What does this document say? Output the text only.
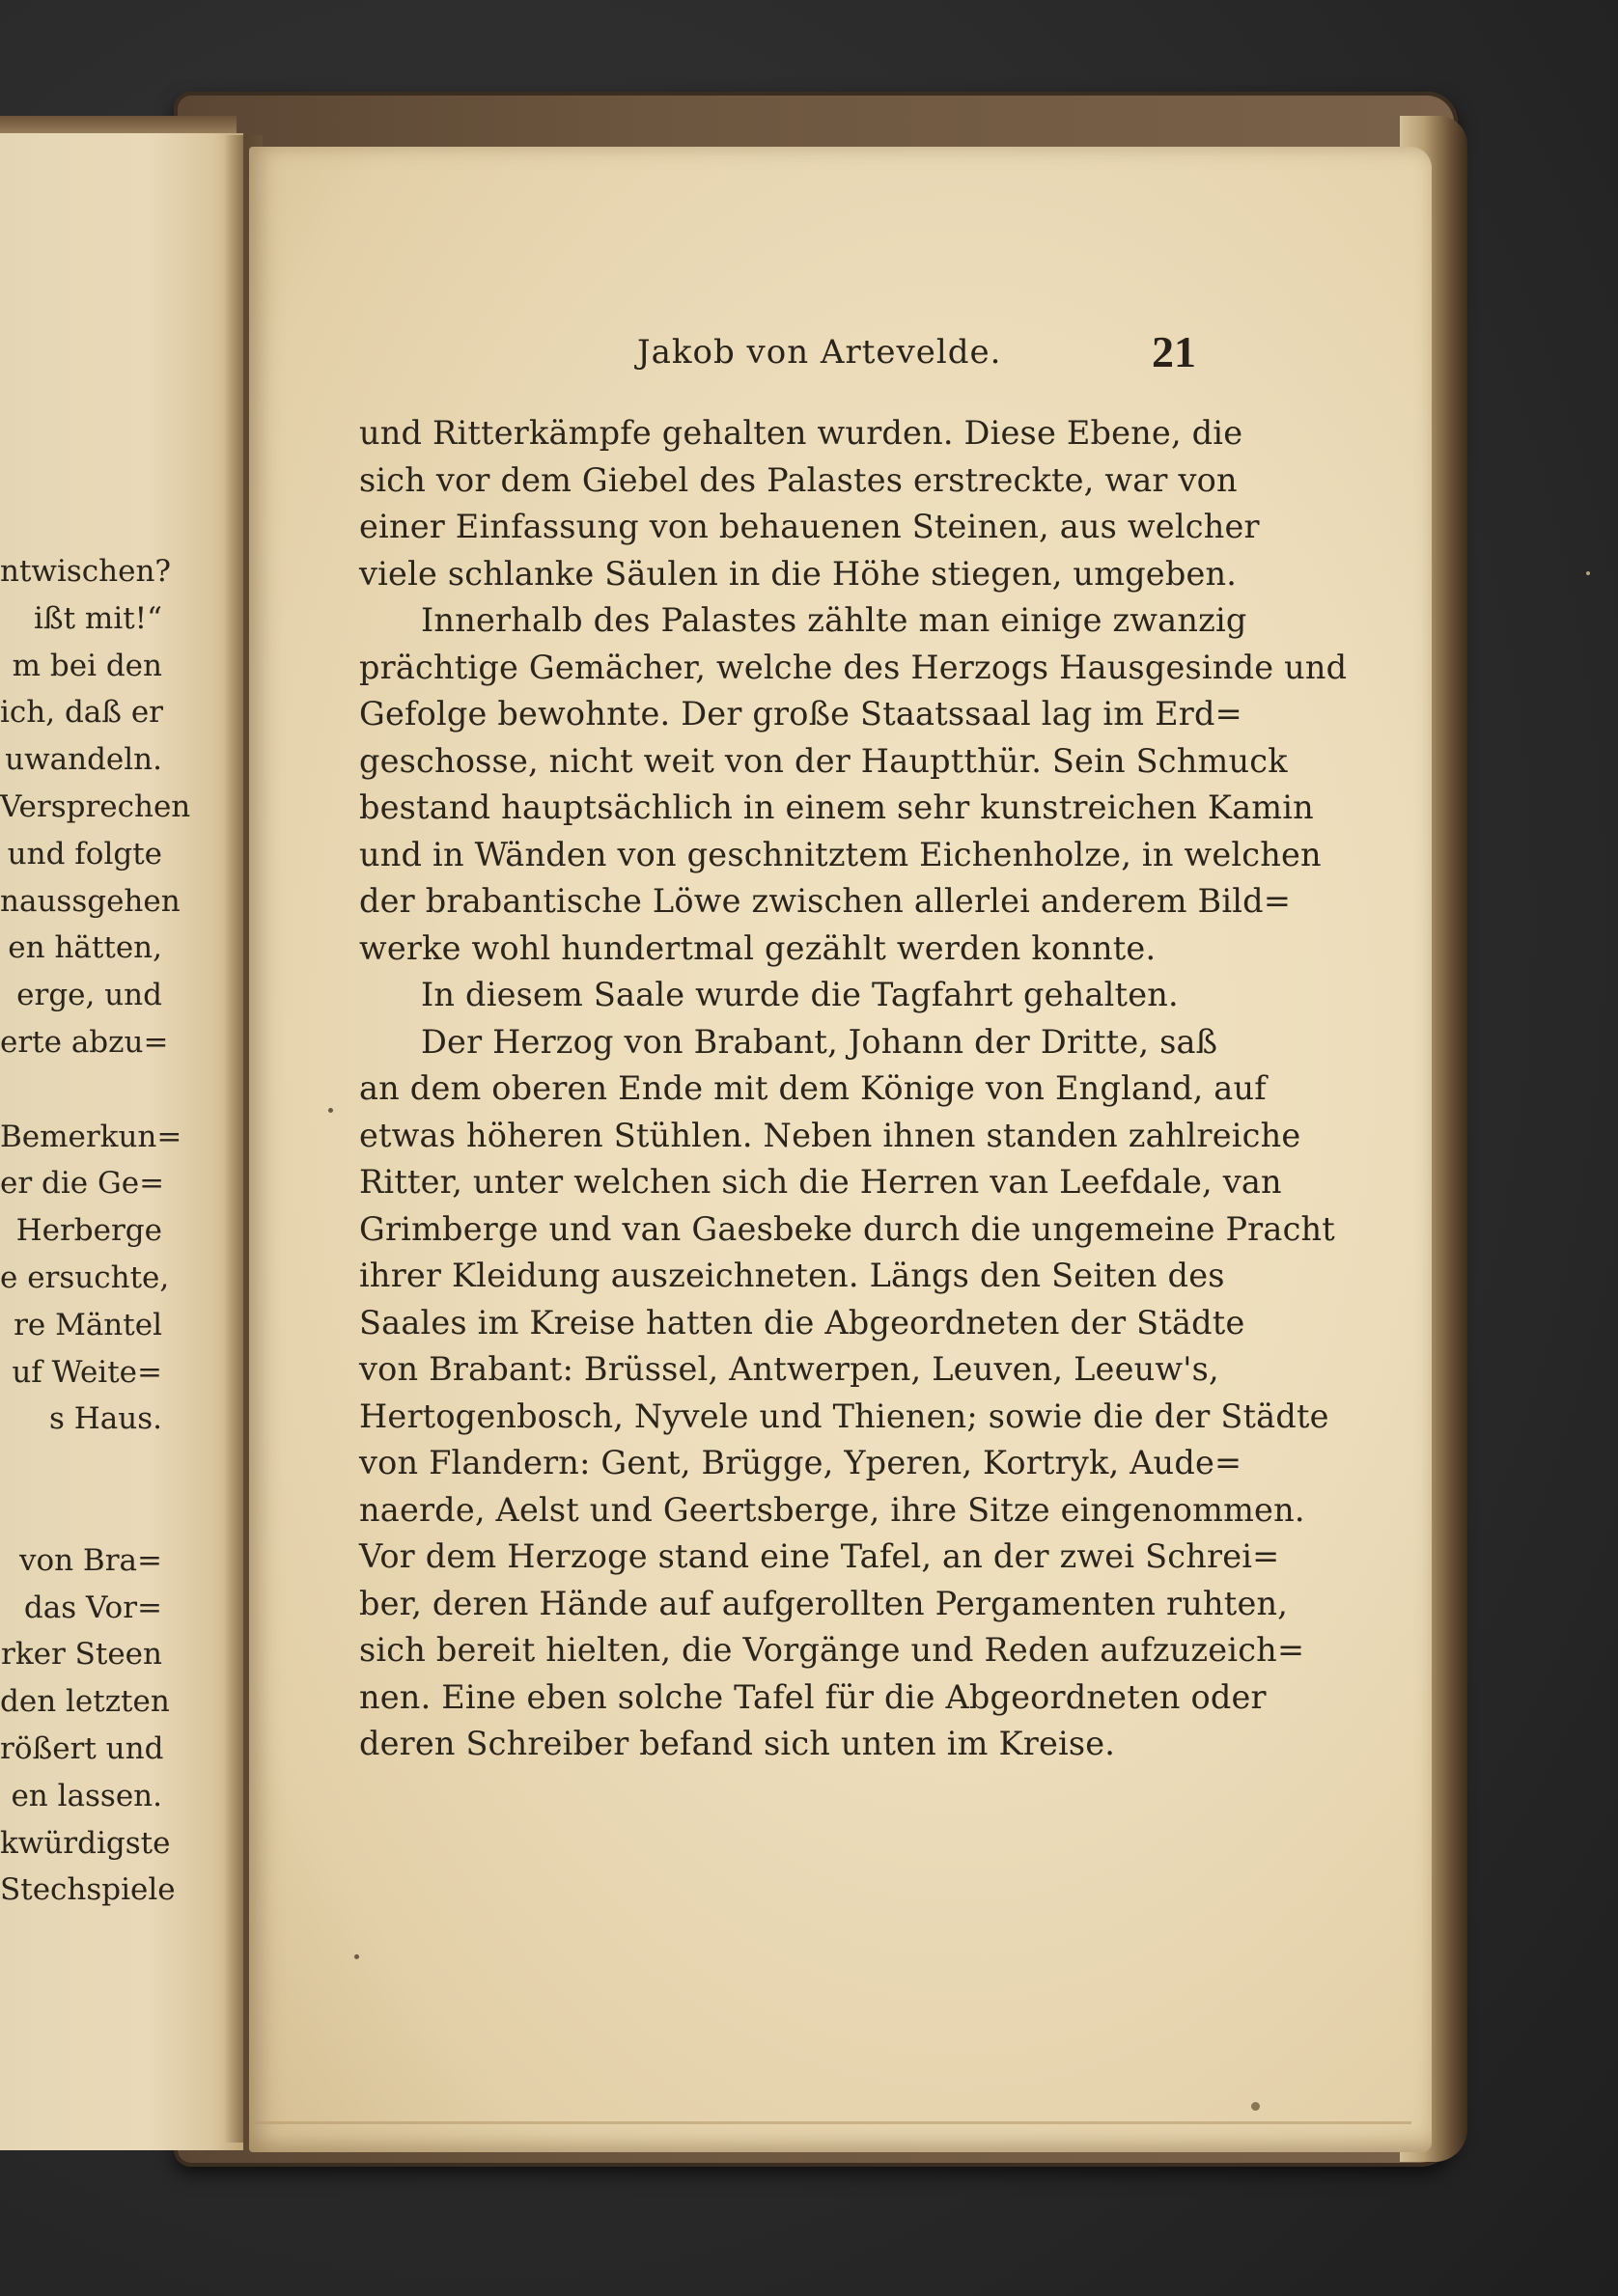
ntwischen?
ißt mit!“
m bei den
ich, daß er
uwandeln.
Versprechen
und folgte
naussgehen
en hätten,
erge, und
erte abzu=
Bemerkun=
er die Ge=
Herberge
e ersuchte,
re Mäntel
uf Weite=
s Haus.
von Bra=
das Vor=
rker Steen
den letzten
rößert und
en lassen.
kwürdigste
Stechspiele
Jakob von Artevelde.	21
und Ritterkämpfe gehalten wurden. Diese Ebene, die
sich vor dem Giebel des Palastes erstreckte, war von
einer Einfassung von behauenen Steinen, aus welcher
viele schlanke Säulen in die Höhe stiegen, umgeben.
Innerhalb des Palastes zählte man einige zwanzig
prächtige Gemächer, welche des Herzogs Hausgesinde und
Gefolge bewohnte. Der große Staatssaal lag im Erd=
geschosse, nicht weit von der Hauptthür. Sein Schmuck
bestand hauptsächlich in einem sehr kunstreichen Kamin
und in Wänden von geschnitztem Eichenholze, in welchen
der brabantische Löwe zwischen allerlei anderem Bild=
werke wohl hundertmal gezählt werden konnte.
In diesem Saale wurde die Tagfahrt gehalten.
Der Herzog von Brabant, Johann der Dritte, saß
an dem oberen Ende mit dem Könige von England, auf
etwas höheren Stühlen. Neben ihnen standen zahlreiche
Ritter, unter welchen sich die Herren van Leefdale, van
Grimberge und van Gaesbeke durch die ungemeine Pracht
ihrer Kleidung auszeichneten. Längs den Seiten des
Saales im Kreise hatten die Abgeordneten der Städte
von Brabant: Brüssel, Antwerpen, Leuven, Leeuw's,
Hertogenbosch, Nyvele und Thienen; sowie die der Städte
von Flandern: Gent, Brügge, Yperen, Kortryk, Aude=
naerde, Aelst und Geertsberge, ihre Sitze eingenommen.
Vor dem Herzoge stand eine Tafel, an der zwei Schrei=
ber, deren Hände auf aufgerollten Pergamenten ruhten,
sich bereit hielten, die Vorgänge und Reden aufzuzeich=
nen. Eine eben solche Tafel für die Abgeordneten oder
deren Schreiber befand sich unten im Kreise.
